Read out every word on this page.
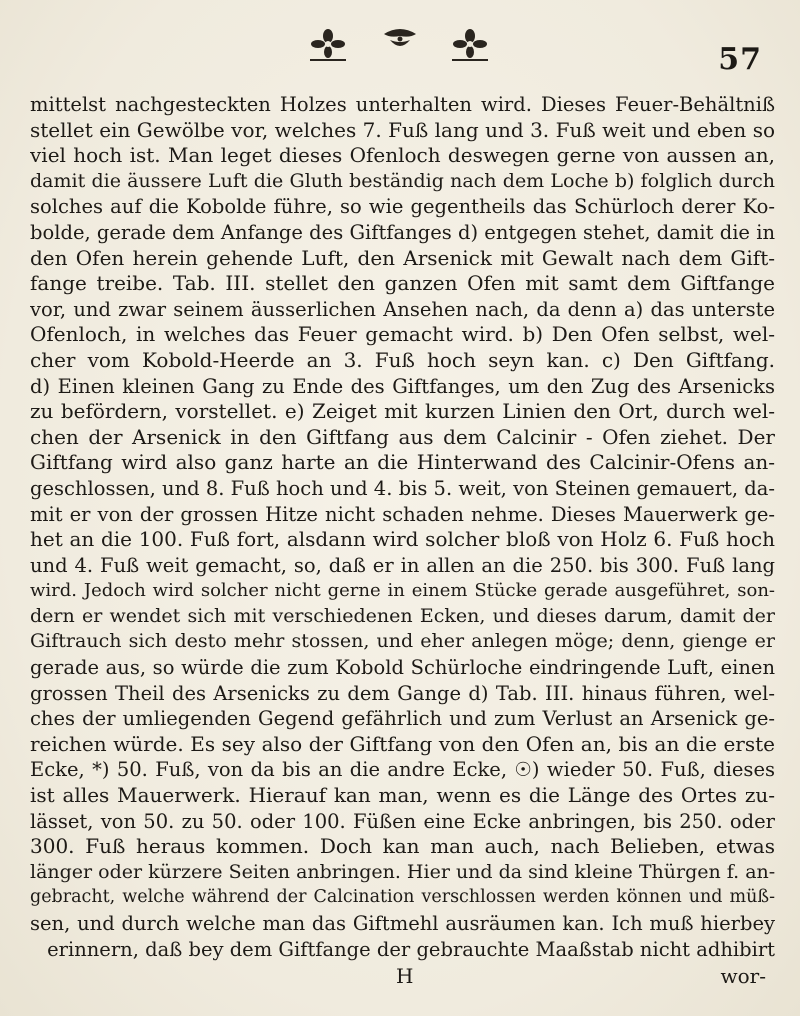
57
mittelst nachgesteckten Holzes unterhalten wird. Dieses Feuer-Behältniß
stellet ein Gewölbe vor, welches 7. Fuß lang und 3. Fuß weit und eben so
viel hoch ist. Man leget dieses Ofenloch deswegen gerne von aussen an,
damit die äussere Luft die Gluth beständig nach dem Loche b) folglich durch
solches auf die Kobolde führe, so wie gegentheils das Schürloch derer Ko-
bolde, gerade dem Anfange des Giftfanges d) entgegen stehet, damit die in
den Ofen herein gehende Luft, den Arsenick mit Gewalt nach dem Gift-
fange treibe. Tab. III. stellet den ganzen Ofen mit samt dem Giftfange
vor, und zwar seinem äusserlichen Ansehen nach, da denn a) das unterste
Ofenloch, in welches das Feuer gemacht wird. b) Den Ofen selbst, wel-
cher vom Kobold-Heerde an 3. Fuß hoch seyn kan. c) Den Giftfang.
d) Einen kleinen Gang zu Ende des Giftfanges, um den Zug des Arsenicks
zu befördern, vorstellet. e) Zeiget mit kurzen Linien den Ort, durch wel-
chen der Arsenick in den Giftfang aus dem Calcinir - Ofen ziehet. Der
Giftfang wird also ganz harte an die Hinterwand des Calcinir-Ofens an-
geschlossen, und 8. Fuß hoch und 4. bis 5. weit, von Steinen gemauert, da-
mit er von der grossen Hitze nicht schaden nehme. Dieses Mauerwerk ge-
het an die 100. Fuß fort, alsdann wird solcher bloß von Holz 6. Fuß hoch
und 4. Fuß weit gemacht, so, daß er in allen an die 250. bis 300. Fuß lang
wird. Jedoch wird solcher nicht gerne in einem Stücke gerade ausgeführet, son-
dern er wendet sich mit verschiedenen Ecken, und dieses darum, damit der
Giftrauch sich desto mehr stossen, und eher anlegen möge; denn, gienge er
gerade aus, so würde die zum Kobold Schürloche eindringende Luft, einen
grossen Theil des Arsenicks zu dem Gange d) Tab. III. hinaus führen, wel-
ches der umliegenden Gegend gefährlich und zum Verlust an Arsenick ge-
reichen würde. Es sey also der Giftfang von den Ofen an, bis an die erste
Ecke, *) 50. Fuß, von da bis an die andre Ecke, ☉) wieder 50. Fuß, dieses
ist alles Mauerwerk. Hierauf kan man, wenn es die Länge des Ortes zu-
lässet, von 50. zu 50. oder 100. Füßen eine Ecke anbringen, bis 250. oder
300. Fuß heraus kommen. Doch kan man auch, nach Belieben, etwas
länger oder kürzere Seiten anbringen. Hier und da sind kleine Thürgen f. an-
gebracht, welche während der Calcination verschlossen werden können und müß-
sen, und durch welche man das Giftmehl ausräumen kan. Ich muß hierbey
erinnern, daß bey dem Giftfange der gebrauchte Maaßstab nicht adhibirt
H	wor-
